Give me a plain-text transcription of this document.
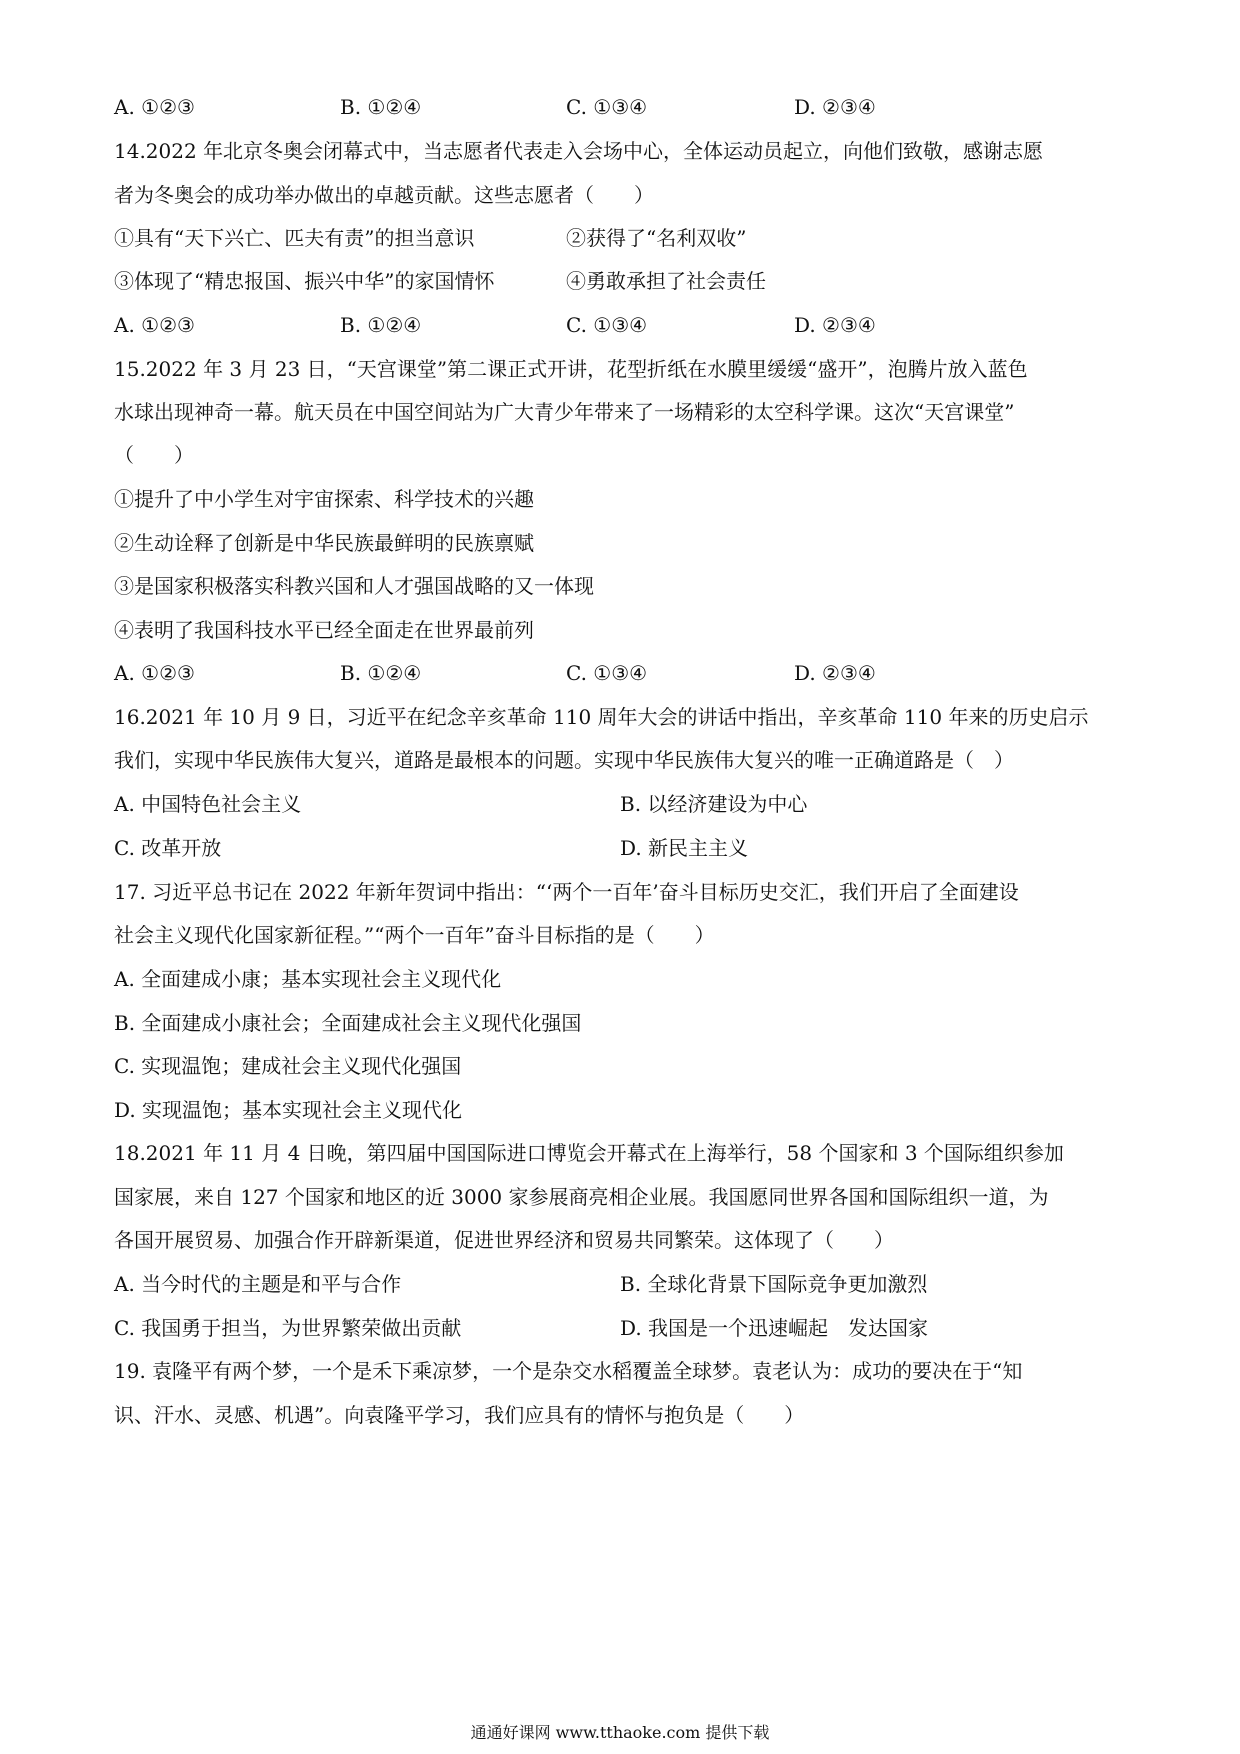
A. ①②③	B. ①②④	C. ①③④	D. ②③④
14.2022 年北京冬奥会闭幕式中，当志愿者代表走入会场中心，全体运动员起立，向他们致敬，感谢志愿
者为冬奥会的成功举办做出的卓越贡献。这些志愿者（　　）
①具有“天下兴亡、匹夫有责”的担当意识	②获得了“名利双收”
③体现了“精忠报国、振兴中华”的家国情怀	④勇敢承担了社会责任
A. ①②③	B. ①②④	C. ①③④	D. ②③④
15.2022 年 3 月 23 日，“天宫课堂”第二课正式开讲，花型折纸在水膜里缓缓“盛开”，泡腾片放入蓝色
水球出现神奇一幕。航天员在中国空间站为广大青少年带来了一场精彩的太空科学课。这次“天宫课堂”
（　　）
①提升了中小学生对宇宙探索、科学技术的兴趣
②生动诠释了创新是中华民族最鲜明的民族禀赋
③是国家积极落实科教兴国和人才强国战略的又一体现
④表明了我国科技水平已经全面走在世界最前列
A. ①②③	B. ①②④	C. ①③④	D. ②③④
16.2021 年 10 月 9 日，习近平在纪念辛亥革命 110 周年大会的讲话中指出，辛亥革命 110 年来的历史启示
我们，实现中华民族伟大复兴，道路是最根本的问题。实现中华民族伟大复兴的唯一正确道路是（　）
A. 中国特色社会主义	B. 以经济建设为中心
C. 改革开放	D. 新民主主义
17. 习近平总书记在 2022 年新年贺词中指出：“‘两个一百年’奋斗目标历史交汇，我们开启了全面建设
社会主义现代化国家新征程。”“两个一百年”奋斗目标指的是（　　）
A. 全面建成小康；基本实现社会主义现代化
B. 全面建成小康社会；全面建成社会主义现代化强国
C. 实现温饱；建成社会主义现代化强国
D. 实现温饱；基本实现社会主义现代化
18.2021 年 11 月 4 日晚，第四届中国国际进口博览会开幕式在上海举行，58 个国家和 3 个国际组织参加
国家展，来自 127 个国家和地区的近 3000 家参展商亮相企业展。我国愿同世界各国和国际组织一道，为
各国开展贸易、加强合作开辟新渠道，促进世界经济和贸易共同繁荣。这体现了（　　）
A. 当今时代的主题是和平与合作	B. 全球化背景下国际竞争更加激烈
C. 我国勇于担当，为世界繁荣做出贡献	D. 我国是一个迅速崛起　发达国家
19. 袁隆平有两个梦，一个是禾下乘凉梦，一个是杂交水稻覆盖全球梦。袁老认为：成功的要决在于“知
识、汗水、灵感、机遇”。向袁隆平学习，我们应具有的情怀与抱负是（　　）
通通好课网 www.tthaoke.com 提供下载
